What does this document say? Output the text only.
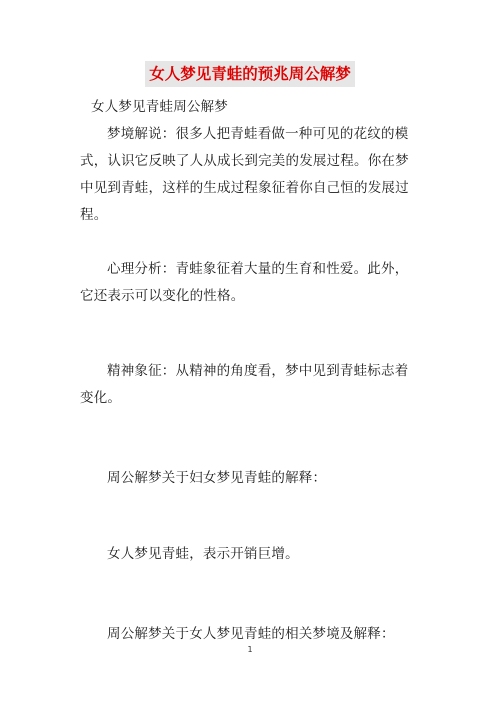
女人梦见青蛙的预兆周公解梦

女人梦见青蛙周公解梦

梦境解说：很多人把青蛙看做一种可见的花纹的模式，认识它反映了人从成长到完美的发展过程。你在梦中见到青蛙，这样的生成过程象征着你自己恒的发展过程。

心理分析：青蛙象征着大量的生育和性爱。此外，它还表示可以变化的性格。

精神象征：从精神的角度看，梦中见到青蛙标志着变化。

周公解梦关于妇女梦见青蛙的解释：

女人梦见青蛙，表示开销巨增。

周公解梦关于女人梦见青蛙的相关梦境及解释：

1
